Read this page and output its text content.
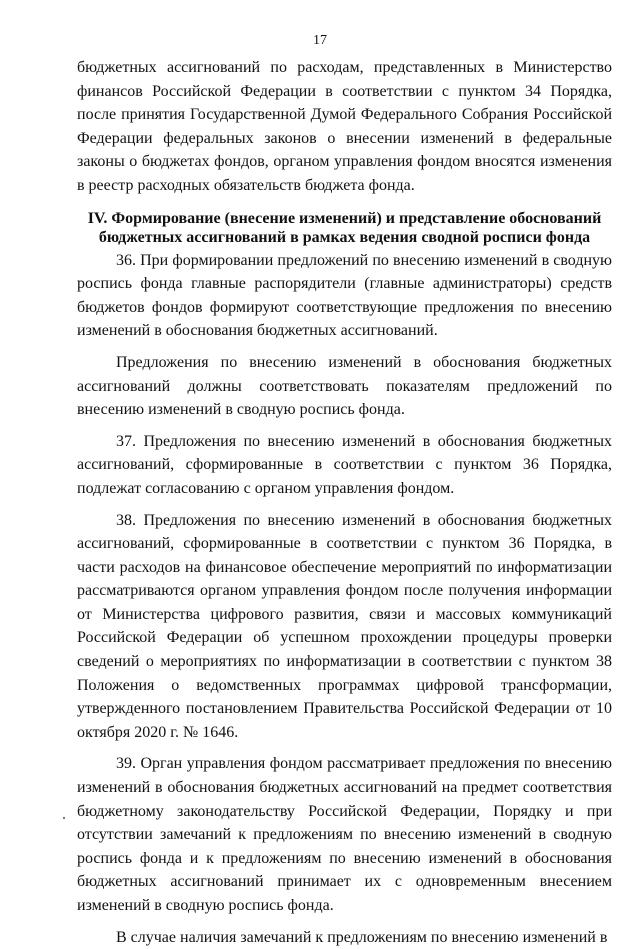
17

бюджетных ассигнований по расходам, представленных в Министерство финансов Российской Федерации в соответствии с пунктом 34 Порядка, после принятия Государственной Думой Федерального Собрания Российской Федерации федеральных законов о внесении изменений в федеральные законы о бюджетах фондов, органом управления фондом вносятся изменения в реестр расходных обязательств бюджета фонда.

IV. Формирование (внесение изменений) и представление обоснований бюджетных ассигнований в рамках ведения сводной росписи фонда

36. При формировании предложений по внесению изменений в сводную роспись фонда главные распорядители (главные администраторы) средств бюджетов фондов формируют соответствующие предложения по внесению изменений в обоснования бюджетных ассигнований.

Предложения по внесению изменений в обоснования бюджетных ассигнований должны соответствовать показателям предложений по внесению изменений в сводную роспись фонда.

37. Предложения по внесению изменений в обоснования бюджетных ассигнований, сформированные в соответствии с пунктом 36 Порядка, подлежат согласованию с органом управления фондом.

38. Предложения по внесению изменений в обоснования бюджетных ассигнований, сформированные в соответствии с пунктом 36 Порядка, в части расходов на финансовое обеспечение мероприятий по информатизации рассматриваются органом управления фондом после получения информации от Министерства цифрового развития, связи и массовых коммуникаций Российской Федерации об успешном прохождении процедуры проверки сведений о мероприятиях по информатизации в соответствии с пунктом 38 Положения о ведомственных программах цифровой трансформации, утвержденного постановлением Правительства Российской Федерации от 10 октября 2020 г. № 1646.

39. Орган управления фондом рассматривает предложения по внесению изменений в обоснования бюджетных ассигнований на предмет соответствия бюджетному законодательству Российской Федерации, Порядку и при отсутствии замечаний к предложениям по внесению изменений в сводную роспись фонда и к предложениям по внесению изменений в обоснования бюджетных ассигнований принимает их с одновременным внесением изменений в сводную роспись фонда.

В случае наличия замечаний к предложениям по внесению изменений в
